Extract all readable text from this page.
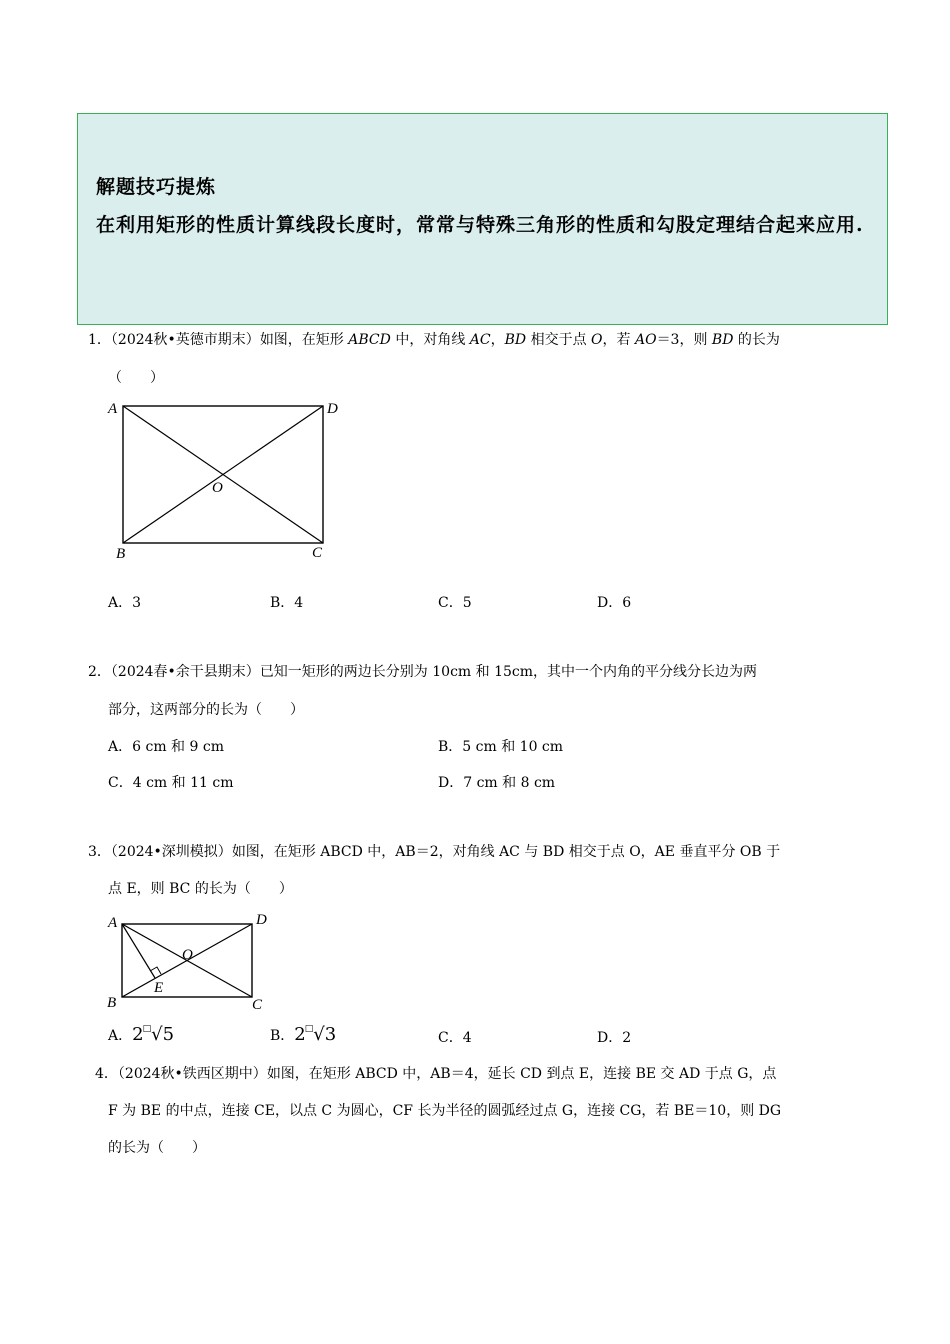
解题技巧提炼
在利用矩形的性质计算线段长度时，常常与特殊三角形的性质和勾股定理结合起来应用.
1．（2024秋•英德市期末）如图，在矩形 ABCD 中，对角线 AC，BD 相交于点 O，若 AO＝3，则 BD 的长为
（　　）
A	D
B	C
O
A．3	B．4	C．5	D．6
2．（2024春•余干县期末）已知一矩形的两边长分别为 10cm 和 15cm，其中一个内角的平分线分长边为两
部分，这两部分的长为（　　）
A．6 cm 和 9 cm	B．5 cm 和 10 cm
C．4 cm 和 11 cm	D．7 cm 和 8 cm
3．（2024•深圳模拟）如图，在矩形 ABCD 中，AB＝2，对角线 AC 与 BD 相交于点 O，AE 垂直平分 OB 于
点 E，则 BC 的长为（　　）
A	D
B	C
O
E
A．2□√5	B．2□√3	C．4	D．2
4．（2024秋•铁西区期中）如图，在矩形 ABCD 中，AB＝4，延长 CD 到点 E，连接 BE 交 AD 于点 G，点
F 为 BE 的中点，连接 CE，以点 C 为圆心，CF 长为半径的圆弧经过点 G，连接 CG，若 BE＝10，则 DG
的长为（　　）
